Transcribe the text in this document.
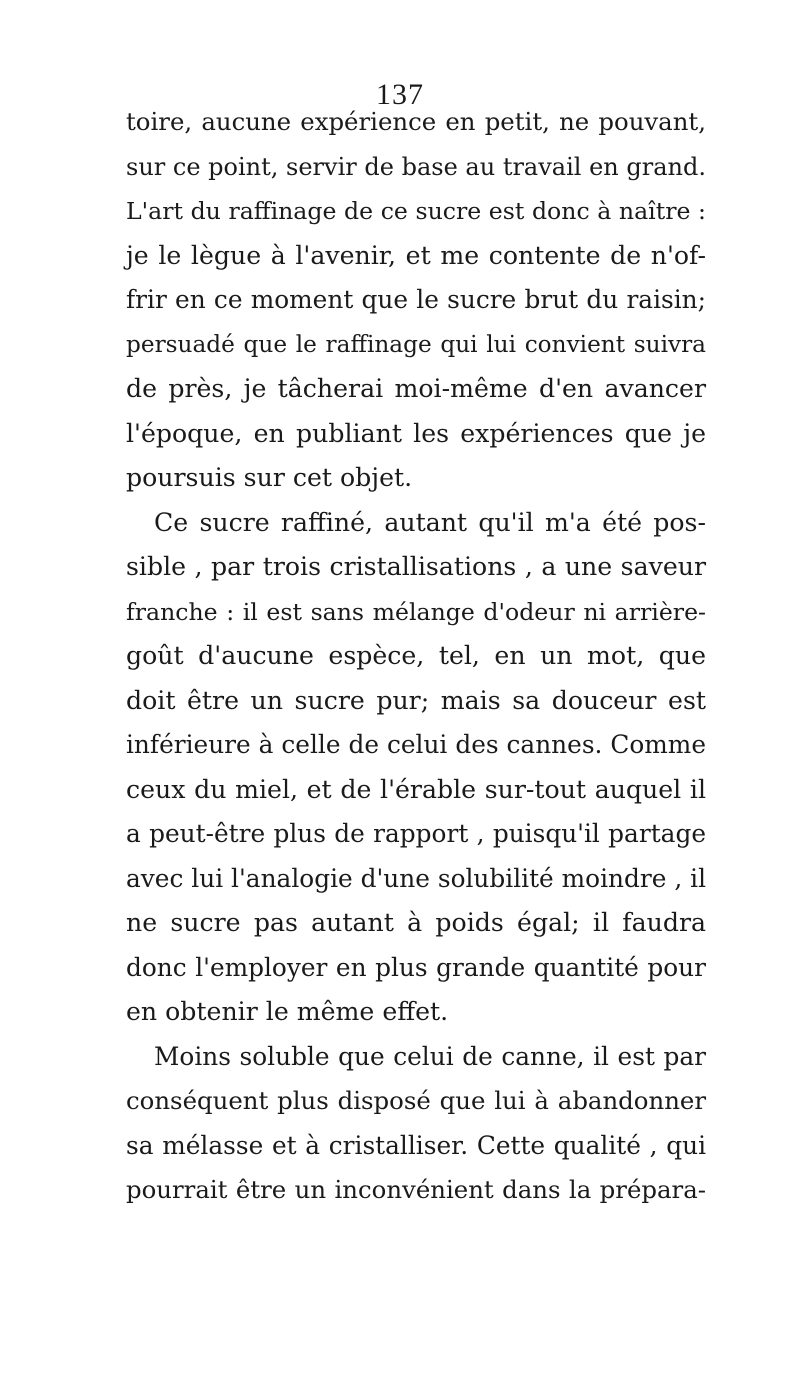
137
toire, aucune expérience en petit, ne pouvant,
sur ce point, servir de base au travail en grand.
L'art du raffinage de ce sucre est donc à naître :
je le lègue à l'avenir, et me contente de n'of-
frir en ce moment que le sucre brut du raisin;
persuadé que le raffinage qui lui convient suivra
de près, je tâcherai moi-même d'en avancer
l'époque, en publiant les expériences que je
poursuis sur cet objet.
Ce sucre raffiné, autant qu'il m'a été pos-
sible , par trois cristallisations , a une saveur
franche : il est sans mélange d'odeur ni arrière-
goût d'aucune espèce, tel, en un mot, que
doit être un sucre pur; mais sa douceur est
inférieure à celle de celui des cannes. Comme
ceux du miel, et de l'érable sur-tout auquel il
a peut-être plus de rapport , puisqu'il partage
avec lui l'analogie d'une solubilité moindre , il
ne sucre pas autant à poids égal; il faudra
donc l'employer en plus grande quantité pour
en obtenir le même effet.
Moins soluble que celui de canne, il est par
conséquent plus disposé que lui à abandonner
sa mélasse et à cristalliser. Cette qualité , qui
pourrait être un inconvénient dans la prépara-
